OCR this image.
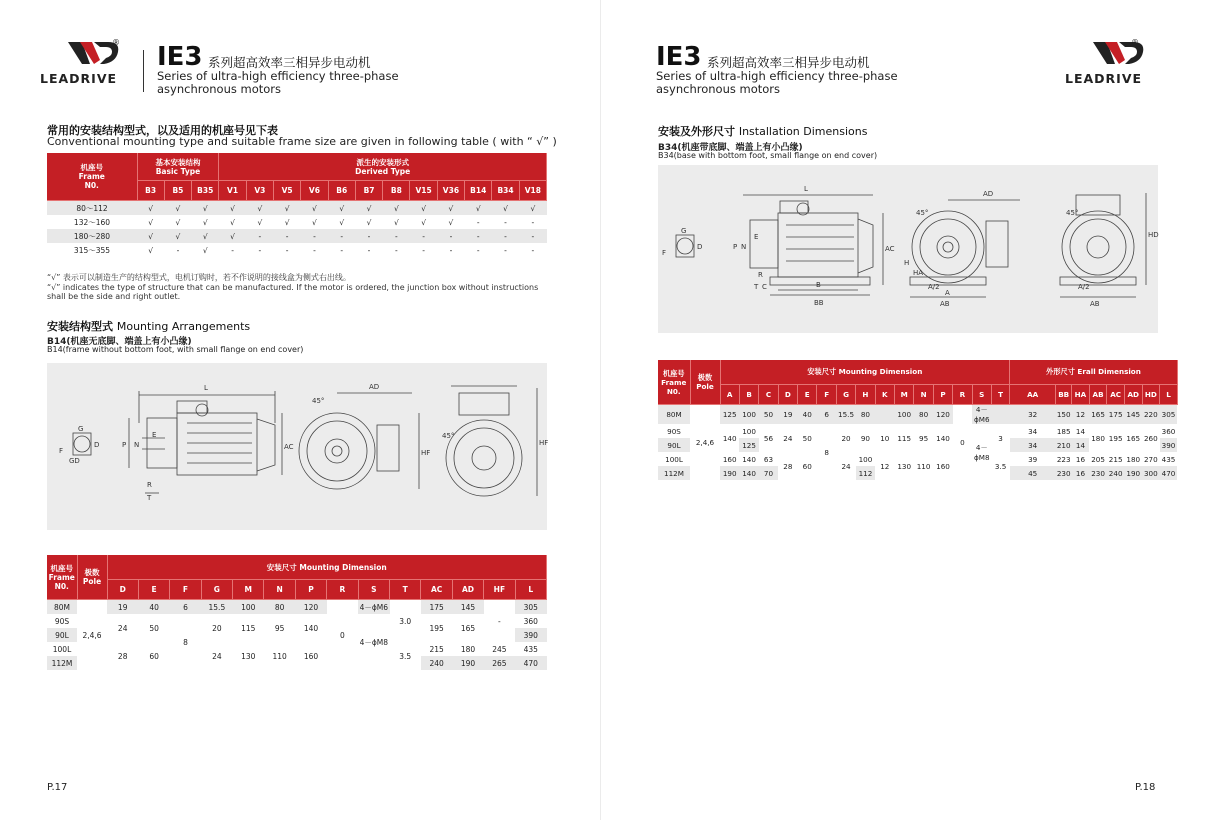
LEADRIVE
® IE3 系列超高效率三相异步电动机
Series of ultra-high efficiency three-phase
asynchronous motors
常用的安装结构型式，以及适用的机座号见下表
Conventional mounting type and suitable frame size are given in following table ( with “ √” )
机座号
Frame
N0.	基本安装结构
Basic Type			派生的安装形式
Derived Type											
	B3	B5	B35	V1	V3	V5	V6	B6	B7	B8	V15	V36	B14	B34	V18
80～112	√	√	√	√	√	√	√	√	√	√	√	√	√	√	√
132～160	√	√	√	√	√	√	√	√	√	√	√	√	-	-	-
180～280	√	√	√	√	-	-	-	-	-	-	-	-	-	-	-
315～355	√	-	√	-	-	-	-	-	-	-	-	-	-	-	-
“√” 表示可以制造生产的结构型式，电机订购时，若不作说明的接线盒为侧式右出线。
“√” indicates the type of structure that can be manufactured. If the motor is ordered, the junction box without instructions
shall be the side and right outlet.
安装结构型式 Mounting Arrangements
B14(机座无底脚、端盖上有小凸缘)
B14(frame without bottom foot, with small flange on end cover)
F
G
D
GD
L
AC
P N
E
R
T
AD
HF
45°
HF
45°
机座号
Frame
N0.	极数
Pole	安装尺寸 Mounting Dimension													
		D	E	F	G	M	N	P	R	S	T	AC	AD	HF	L
80M	2,4,6	19	40	6	15.5	100	80	120	0	4－ϕM6	3.0	175	145	-	305
90S		24	50	8	20	115	95	140		4－ϕM8		195	165		360
90L															390
100L		28	60		24	130	110	160			3.5	215	180	245	435
112M												240	190	265	470
P.17
IE3 系列超高效率三相异步电动机
Series of ultra-high efficiency three-phase
asynchronous motors
LEADRIVE
®
安装及外形尺寸 Installation Dimensions
B34(机座带底脚、端盖上有小凸缘)
B34(base with bottom foot, small flange on end cover)
F
G
D
L
AC
P N
E
R
T C	B
BB
AD
H
HA
A/2
A
AB
45°
HD
45°
A/2
AB
机座号
Frame
N0.	极数
Pole	安装尺寸 Mounting Dimension															外形尺寸 Erall Dimension							
		A	B	C	D	E	F	G	H	K	M	N	P	R	S	T	AA	BB	HA	AB	AC	AD	HD	L
80M	2,4,6	125	100	50	19	40	6	15.5	80		100	80	120	0	4－ϕM6		32	150	12	165	175	145	220	305
90S		140	100	56	24	50	8	20	90	10	115	95	140		4－ϕM8	3	34	185	14	180	195	165	260	360
90L			125														34	210	14					390
100L		160	140	63	28	60		24	100	12	130	110	160			3.5	39	223	16	205	215	180	270	435
112M		190	140	70					112								45	230	16	230	240	190	300	470
P.18
